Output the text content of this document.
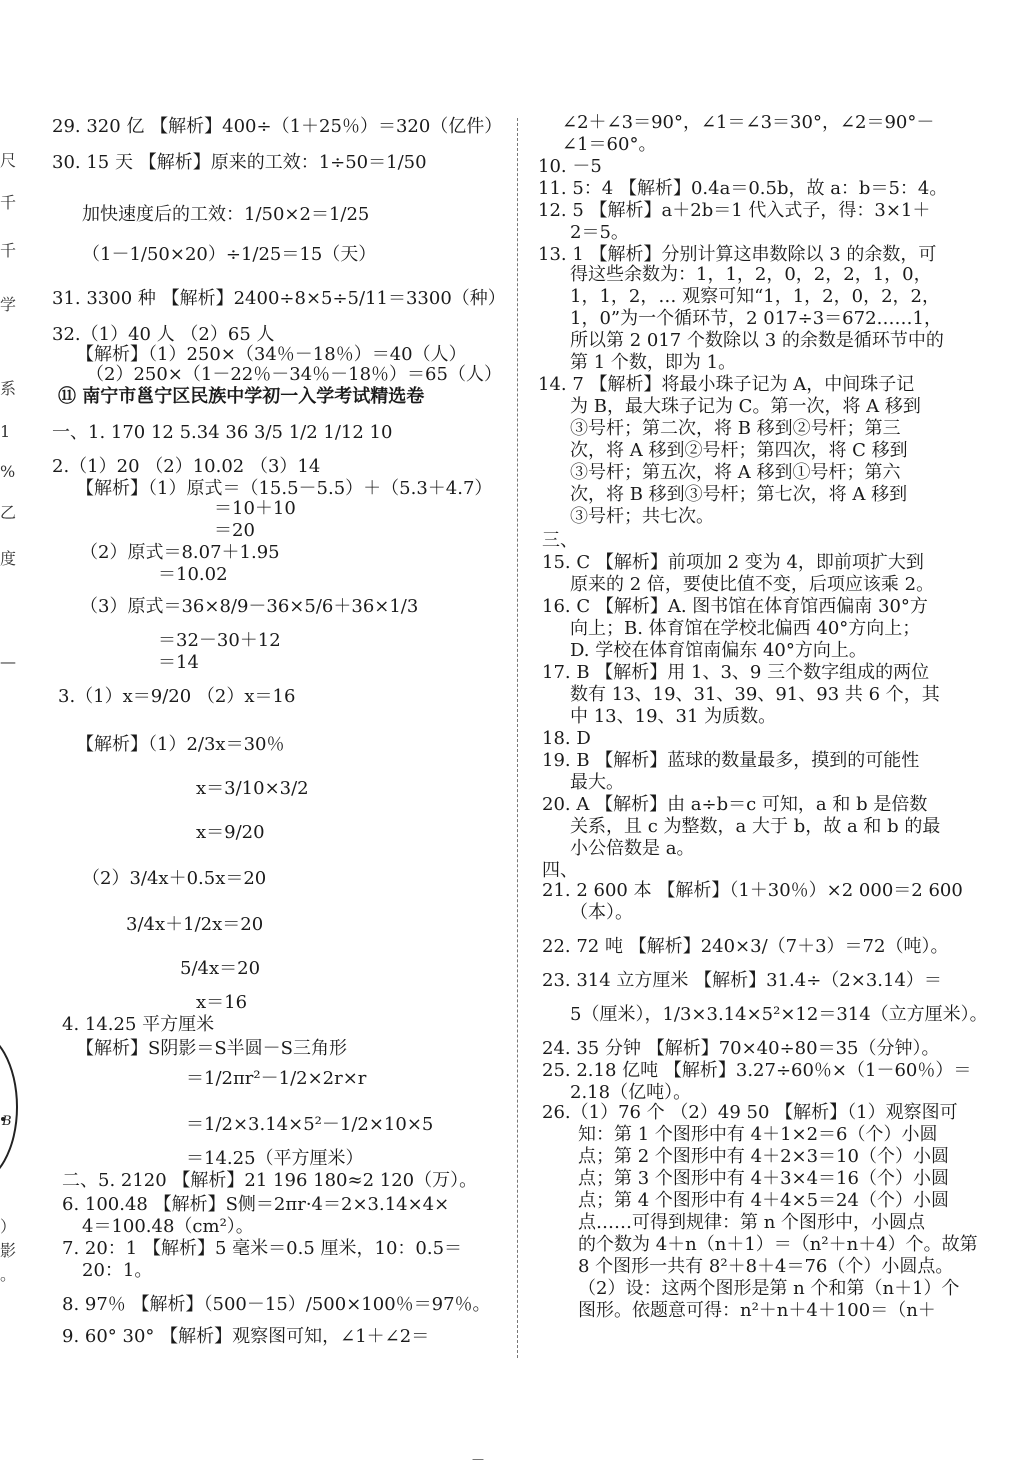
尺
千
千
学
系
1
%
乙
度
—
）
影
。
B
29. 320 亿 【解析】400÷（1＋25％）＝320（亿件）
30. 15 天 【解析】原来的工效：1÷50＝1/50
加快速度后的工效：1/50×2＝1/25
（1－1/50×20）÷1/25＝15（天）
31. 3300 种 【解析】2400÷8×5÷5/11＝3300（种）
32.（1）40 人 （2）65 人
【解析】（1）250×（34％－18％）＝40（人）
（2）250×（1－22％－34％－18％）＝65（人）
⑪ 南宁市邕宁区民族中学初一入学考试精选卷
一、1. 170 12 5.34 36 3/5 1/2 1/12 10
2.（1）20 （2）10.02 （3）14
【解析】（1）原式＝（15.5－5.5）＋（5.3＋4.7）
＝10＋10
＝20
（2）原式＝8.07＋1.95
＝10.02
（3）原式＝36×8/9－36×5/6＋36×1/3
＝32－30＋12
＝14
3.（1）x＝9/20 （2）x＝16
【解析】（1）2/3x＝30％
x＝3/10×3/2
x＝9/20
（2）3/4x＋0.5x＝20
3/4x＋1/2x＝20
5/4x＝20
x＝16
4. 14.25 平方厘米
【解析】S阴影＝S半圆－S三角形
＝1/2πr²－1/2×2r×r
＝1/2×3.14×5²－1/2×10×5
＝14.25（平方厘米）
二、5. 2120 【解析】21 196 180≈2 120（万）。
6. 100.48 【解析】S侧＝2πr·4＝2×3.14×4×
4＝100.48（cm²）。
7. 20：1 【解析】5 毫米＝0.5 厘米，10：0.5＝
20：1。
8. 97％ 【解析】（500－15）/500×100％＝97％。
9. 60° 30° 【解析】观察图可知，∠1＋∠2＝
∠2＋∠3＝90°，∠1＝∠3＝30°，∠2＝90°－
∠1＝60°。
10. －5
11. 5：4 【解析】0.4a＝0.5b，故 a：b＝5：4。
12. 5 【解析】a＋2b＝1 代入式子，得：3×1＋
2＝5。
13. 1 【解析】分别计算这串数除以 3 的余数，可
得这些余数为：1，1，2，0，2，2，1，0，
1，1，2，… 观察可知“1，1，2，0，2，2，
1，0”为一个循环节，2 017÷3＝672……1，
所以第 2 017 个数除以 3 的余数是循环节中的
第 1 个数，即为 1。
14. 7 【解析】将最小珠子记为 A，中间珠子记
为 B，最大珠子记为 C。第一次，将 A 移到
③号杆；第二次，将 B 移到②号杆；第三
次，将 A 移到②号杆；第四次，将 C 移到
③号杆；第五次，将 A 移到①号杆；第六
次，将 B 移到③号杆；第七次，将 A 移到
③号杆；共七次。
三、
15. C 【解析】前项加 2 变为 4，即前项扩大到
原来的 2 倍，要使比值不变，后项应该乘 2。
16. C 【解析】A. 图书馆在体育馆西偏南 30°方
向上；B. 体育馆在学校北偏西 40°方向上；
D. 学校在体育馆南偏东 40°方向上。
17. B 【解析】用 1、3、9 三个数字组成的两位
数有 13、19、31、39、91、93 共 6 个，其
中 13、19、31 为质数。
18. D
19. B 【解析】蓝球的数量最多，摸到的可能性
最大。
20. A 【解析】由 a÷b＝c 可知，a 和 b 是倍数
关系，且 c 为整数，a 大于 b，故 a 和 b 的最
小公倍数是 a。
四、
21. 2 600 本 【解析】（1＋30％）×2 000＝2 600
（本）。
22. 72 吨 【解析】240×3/（7＋3）＝72（吨）。
23. 314 立方厘米 【解析】31.4÷（2×3.14）＝
5（厘米），1/3×3.14×5²×12＝314（立方厘米）。
24. 35 分钟 【解析】70×40÷80＝35（分钟）。
25. 2.18 亿吨 【解析】3.27÷60％×（1－60％）＝
2.18（亿吨）。
26.（1）76 个 （2）49 50 【解析】（1）观察图可
知：第 1 个图形中有 4＋1×2＝6（个）小圆
点；第 2 个图形中有 4＋2×3＝10（个）小圆
点；第 3 个图形中有 4＋3×4＝16（个）小圆
点；第 4 个图形中有 4＋4×5＝24（个）小圆
点……可得到规律：第 n 个图形中，小圆点
的个数为 4＋n（n＋1）＝（n²＋n＋4）个。故第
8 个图形一共有 8²＋8＋4＝76（个）小圆点。
（2）设：这两个图形是第 n 个和第（n＋1）个
图形。依题意可得：n²＋n＋4＋100＝（n＋
—
